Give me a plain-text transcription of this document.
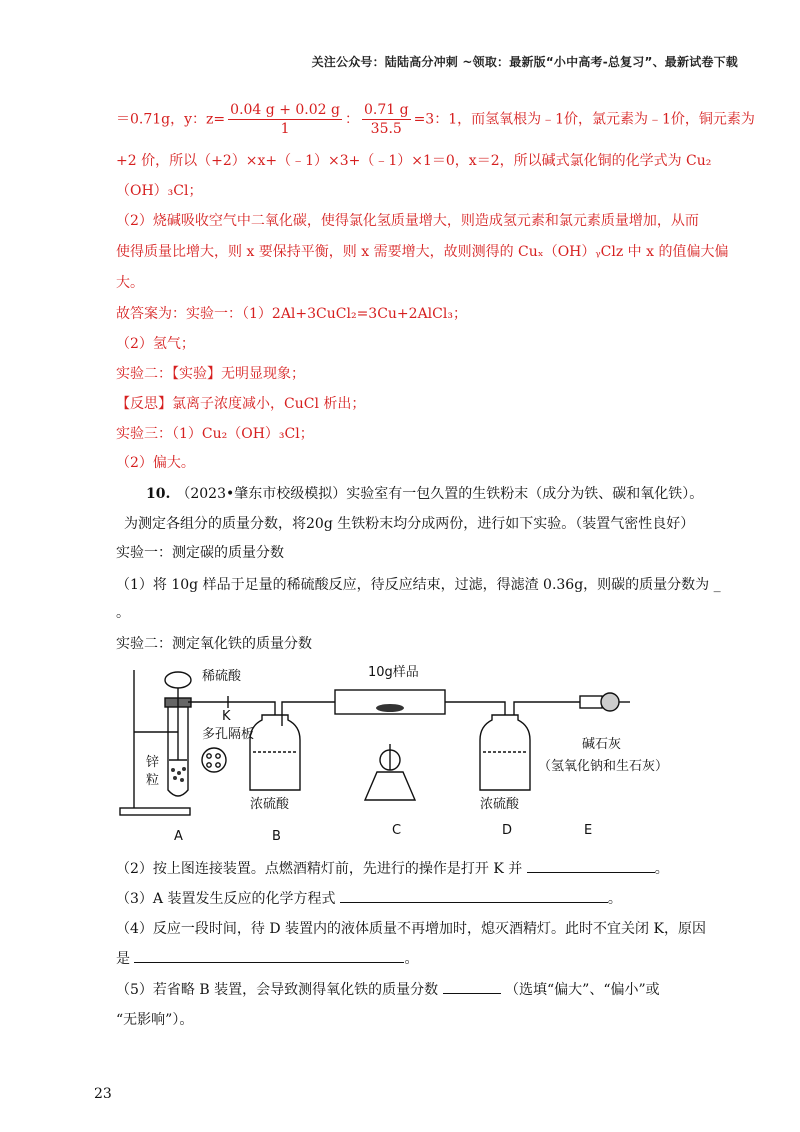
关注公众号：陆陆高分冲刺 ~领取：最新版“小中高考-总复习”、最新试卷下载
＝0.71g，y：$z= \frac{0.04 g + 0.02 g}{1}$ ： $\frac{0.71 g}{35.5} =3$：1，而氢氧根为﹣1价，氯元素为﹣1价，铜元素为
+2 价，所以（+2）×x+（﹣1）×3+（﹣1）×1＝0，x＝2，所以碱式氯化铜的化学式为 Cu₂
（OH）₃Cl；
（2）烧碱吸收空气中二氧化碳，使得氯化氢质量增大，则造成氢元素和氯元素质量增加，从而
使得质量比增大，则 x 要保持平衡，则 x 需要增大，故则测得的 Cuₓ（OH）ᵧClz 中 x 的值偏大偏
大。
故答案为：实验一：（1）2Al+3CuCl₂=3Cu+2AlCl₃；
（2）氢气；
实验二：【实验】无明显现象；
【反思】氯离子浓度减小，CuCl 析出；
实验三：（1）Cu₂（OH）₃Cl；
（2）偏大。
10. （2023•肇东市校级模拟）实验室有一包久置的生铁粉末（成分为铁、碳和氧化铁）。
为测定各组分的质量分数，将20g 生铁粉末均分成两份，进行如下实验。（装置气密性良好）
实验一：测定碳的质量分数
（1）将 10g 样品于足量的稀硫酸反应，待反应结束，过滤，得滤渣 0.36g，则碳的质量分数为 _
。
实验二：测定氧化铁的质量分数
稀硫酸
K
多孔隔板
锌
粒
10g样品
浓硫酸	浓硫酸
碱石灰
（氢氧化钠和生石灰）
A	B	C	D	E
（2）按上图连接装置。点燃酒精灯前，先进行的操作是打开 K 并	。
（3）A 装置发生反应的化学方程式	。
（4）反应一段时间，待 D 装置内的液体质量不再增加时，熄灭酒精灯。此时不宜关闭 K，原因
是	。
（5）若省略 B 装置，会导致测得氧化铁的质量分数	（选填“偏大”、“偏小”或
“无影响”）。
23
